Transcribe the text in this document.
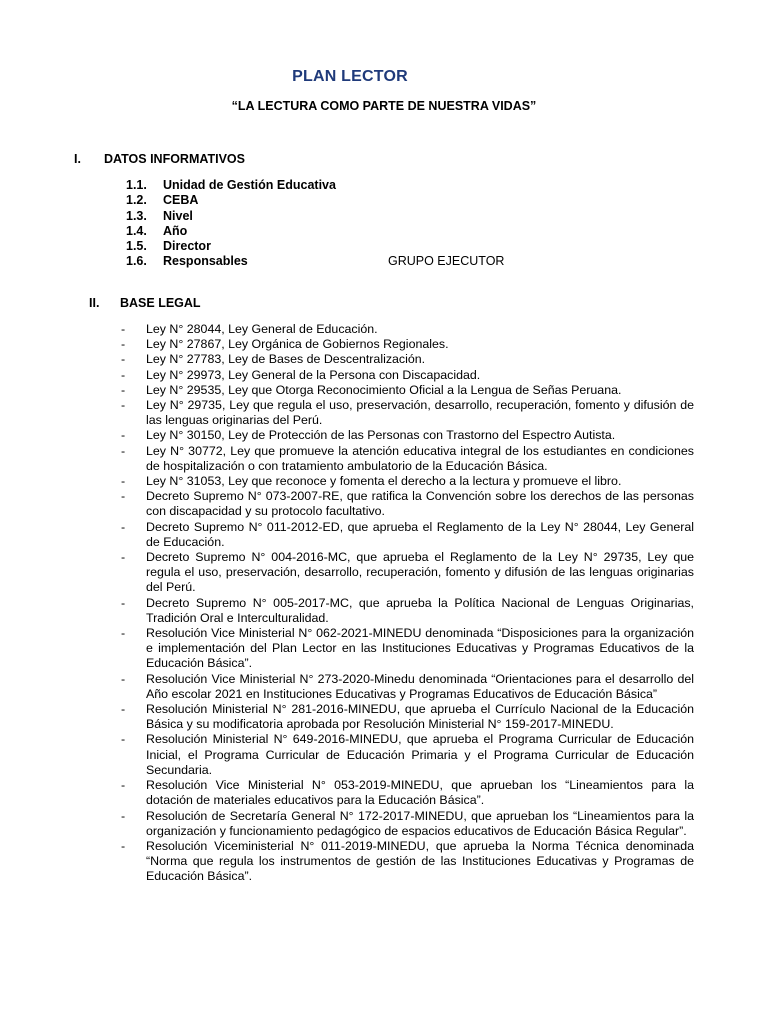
PLAN LECTOR
“LA LECTURA COMO PARTE DE NUESTRA VIDAS”
I. DATOS INFORMATIVOS
1.1. Unidad de Gestión Educativa
1.2. CEBA
1.3. Nivel
1.4. Año
1.5. Director
1.6. Responsables	GRUPO EJECUTOR
II. BASE LEGAL
- Ley N° 28044, Ley General de Educación.
- Ley N° 27867, Ley Orgánica de Gobiernos Regionales.
- Ley N° 27783, Ley de Bases de Descentralización.
- Ley N° 29973, Ley General de la Persona con Discapacidad.
- Ley N° 29535, Ley que Otorga Reconocimiento Oficial a la Lengua de Señas Peruana.
- Ley N° 29735, Ley que regula el uso, preservación, desarrollo, recuperación, fomento y difusión de las lenguas originarias del Perú.
- Ley N° 30150, Ley de Protección de las Personas con Trastorno del Espectro Autista.
- Ley N° 30772, Ley que promueve la atención educativa integral de los estudiantes en condiciones de hospitalización o con tratamiento ambulatorio de la Educación Básica.
- Ley N° 31053, Ley que reconoce y fomenta el derecho a la lectura y promueve el libro.
- Decreto Supremo N° 073-2007-RE, que ratifica la Convención sobre los derechos de las personas con discapacidad y su protocolo facultativo.
- Decreto Supremo N° 011-2012-ED, que aprueba el Reglamento de la Ley N° 28044, Ley General de Educación.
- Decreto Supremo N° 004-2016-MC, que aprueba el Reglamento de la Ley N° 29735, Ley que regula el uso, preservación, desarrollo, recuperación, fomento y difusión de las lenguas originarias del Perú.
- Decreto Supremo N° 005-2017-MC, que aprueba la Política Nacional de Lenguas Originarias, Tradición Oral e Interculturalidad.
- Resolución Vice Ministerial N° 062-2021-MINEDU denominada “Disposiciones para la organización e implementación del Plan Lector en las Instituciones Educativas y Programas Educativos de la Educación Básica”.
- Resolución Vice Ministerial N° 273-2020-Minedu denominada “Orientaciones para el desarrollo del Año escolar 2021 en Instituciones Educativas y Programas Educativos de Educación Básica”
- Resolución Ministerial N° 281-2016-MINEDU, que aprueba el Currículo Nacional de la Educación Básica y su modificatoria aprobada por Resolución Ministerial N° 159-2017-MINEDU.
- Resolución Ministerial N° 649-2016-MINEDU, que aprueba el Programa Curricular de Educación Inicial, el Programa Curricular de Educación Primaria y el Programa Curricular de Educación Secundaria.
- Resolución Vice Ministerial N° 053-2019-MINEDU, que aprueban los “Lineamientos para la dotación de materiales educativos para la Educación Básica”.
- Resolución de Secretaría General N° 172-2017-MINEDU, que aprueban los “Lineamientos para la organización y funcionamiento pedagógico de espacios educativos de Educación Básica Regular”.
- Resolución Viceministerial N° 011-2019-MINEDU, que aprueba la Norma Técnica denominada “Norma que regula los instrumentos de gestión de las Instituciones Educativas y Programas de Educación Básica”.
